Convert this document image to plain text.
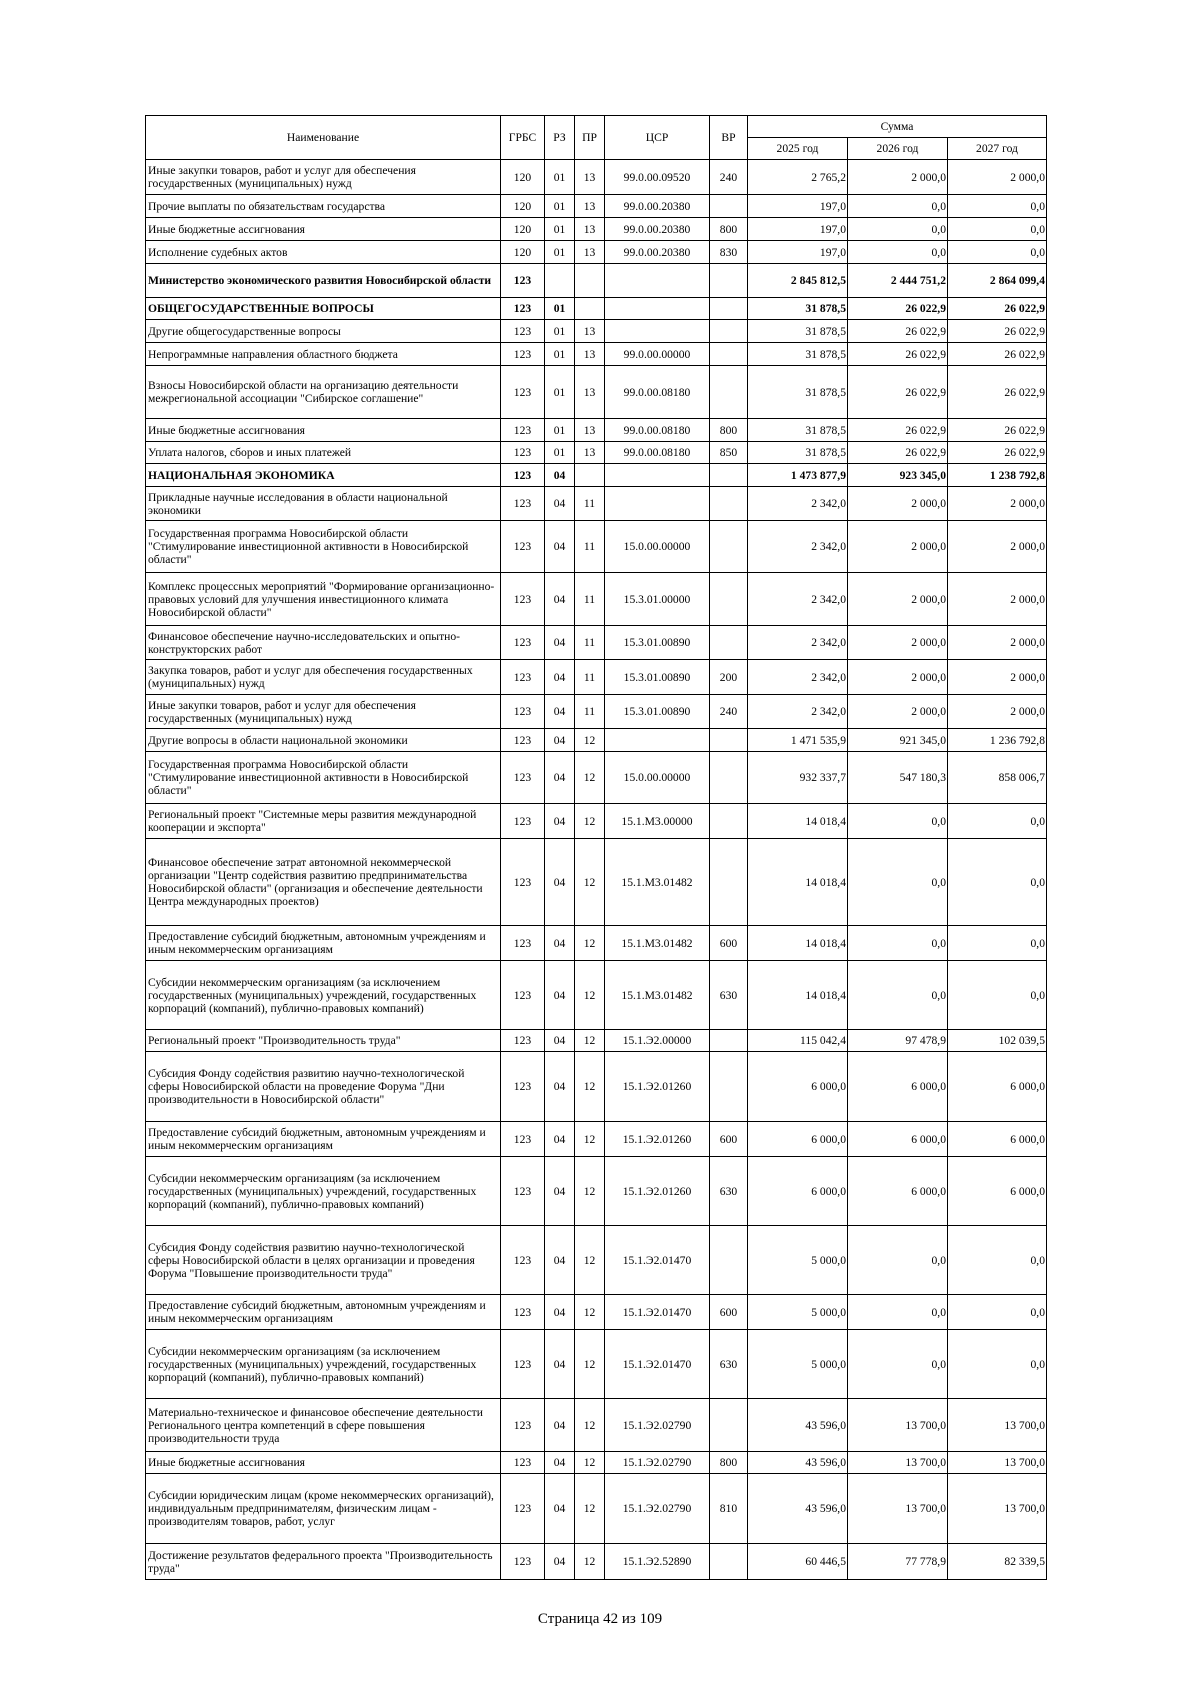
Наименование	ГРБС	РЗ	ПР	ЦСР	ВР	Сумма		
						2025 год	2026 год	2027 год
Иные закупки товаров, работ и услуг для обеспечения государственных (муниципальных) нужд	120	01	13	99.0.00.09520	240	2 765,2	2 000,0	2 000,0
Прочие выплаты по обязательствам государства	120	01	13	99.0.00.20380		197,0	0,0	0,0
Иные бюджетные ассигнования	120	01	13	99.0.00.20380	800	197,0	0,0	0,0
Исполнение судебных актов	120	01	13	99.0.00.20380	830	197,0	0,0	0,0
Министерство экономического развития Новосибирской области	123					2 845 812,5	2 444 751,2	2 864 099,4
ОБЩЕГОСУДАРСТВЕННЫЕ ВОПРОСЫ	123	01				31 878,5	26 022,9	26 022,9
Другие общегосударственные вопросы	123	01	13			31 878,5	26 022,9	26 022,9
Непрограммные направления областного бюджета	123	01	13	99.0.00.00000		31 878,5	26 022,9	26 022,9
Взносы Новосибирской области на организацию деятельности межрегиональной ассоциации "Сибирское соглашение"	123	01	13	99.0.00.08180		31 878,5	26 022,9	26 022,9
Иные бюджетные ассигнования	123	01	13	99.0.00.08180	800	31 878,5	26 022,9	26 022,9
Уплата налогов, сборов и иных платежей	123	01	13	99.0.00.08180	850	31 878,5	26 022,9	26 022,9
НАЦИОНАЛЬНАЯ ЭКОНОМИКА	123	04				1 473 877,9	923 345,0	1 238 792,8
Прикладные научные исследования в области национальной экономики	123	04	11			2 342,0	2 000,0	2 000,0
Государственная программа Новосибирской области "Стимулирование инвестиционной активности в Новосибирской области"	123	04	11	15.0.00.00000		2 342,0	2 000,0	2 000,0
Комплекс процессных мероприятий "Формирование организационно-правовых условий для улучшения инвестиционного климата Новосибирской области"	123	04	11	15.3.01.00000		2 342,0	2 000,0	2 000,0
Финансовое обеспечение научно-исследовательских и опытно-конструкторских работ	123	04	11	15.3.01.00890		2 342,0	2 000,0	2 000,0
Закупка товаров, работ и услуг для обеспечения государственных (муниципальных) нужд	123	04	11	15.3.01.00890	200	2 342,0	2 000,0	2 000,0
Иные закупки товаров, работ и услуг для обеспечения государственных (муниципальных) нужд	123	04	11	15.3.01.00890	240	2 342,0	2 000,0	2 000,0
Другие вопросы в области национальной экономики	123	04	12			1 471 535,9	921 345,0	1 236 792,8
Государственная программа Новосибирской области "Стимулирование инвестиционной активности в Новосибирской области"	123	04	12	15.0.00.00000		932 337,7	547 180,3	858 006,7
Региональный проект "Системные меры развития международной кооперации и экспорта"	123	04	12	15.1.М3.00000		14 018,4	0,0	0,0
Финансовое обеспечение затрат автономной некоммерческой организации "Центр содействия развитию предпринимательства Новосибирской области" (организация и обеспечение деятельности Центра международных проектов)	123	04	12	15.1.М3.01482		14 018,4	0,0	0,0
Предоставление субсидий бюджетным, автономным учреждениям и иным некоммерческим организациям	123	04	12	15.1.М3.01482	600	14 018,4	0,0	0,0
Субсидии некоммерческим организациям (за исключением государственных (муниципальных) учреждений, государственных корпораций (компаний), публично-правовых компаний)	123	04	12	15.1.М3.01482	630	14 018,4	0,0	0,0
Региональный проект "Производительность труда"	123	04	12	15.1.Э2.00000		115 042,4	97 478,9	102 039,5
Субсидия Фонду содействия развитию научно-технологической сферы Новосибирской области на проведение Форума "Дни производительности в Новосибирской области"	123	04	12	15.1.Э2.01260		6 000,0	6 000,0	6 000,0
Предоставление субсидий бюджетным, автономным учреждениям и иным некоммерческим организациям	123	04	12	15.1.Э2.01260	600	6 000,0	6 000,0	6 000,0
Субсидии некоммерческим организациям (за исключением государственных (муниципальных) учреждений, государственных корпораций (компаний), публично-правовых компаний)	123	04	12	15.1.Э2.01260	630	6 000,0	6 000,0	6 000,0
Субсидия Фонду содействия развитию научно-технологической сферы Новосибирской области в целях организации и проведения Форума "Повышение производительности труда"	123	04	12	15.1.Э2.01470		5 000,0	0,0	0,0
Предоставление субсидий бюджетным, автономным учреждениям и иным некоммерческим организациям	123	04	12	15.1.Э2.01470	600	5 000,0	0,0	0,0
Субсидии некоммерческим организациям (за исключением государственных (муниципальных) учреждений, государственных корпораций (компаний), публично-правовых компаний)	123	04	12	15.1.Э2.01470	630	5 000,0	0,0	0,0
Материально-техническое и финансовое обеспечение деятельности Регионального центра компетенций в сфере повышения производительности труда	123	04	12	15.1.Э2.02790		43 596,0	13 700,0	13 700,0
Иные бюджетные ассигнования	123	04	12	15.1.Э2.02790	800	43 596,0	13 700,0	13 700,0
Субсидии юридическим лицам (кроме некоммерческих организаций), индивидуальным предпринимателям, физическим лицам - производителям товаров, работ, услуг	123	04	12	15.1.Э2.02790	810	43 596,0	13 700,0	13 700,0
Достижение результатов федерального проекта "Производительность труда"	123	04	12	15.1.Э2.52890		60 446,5	77 778,9	82 339,5
Страница 42 из 109
